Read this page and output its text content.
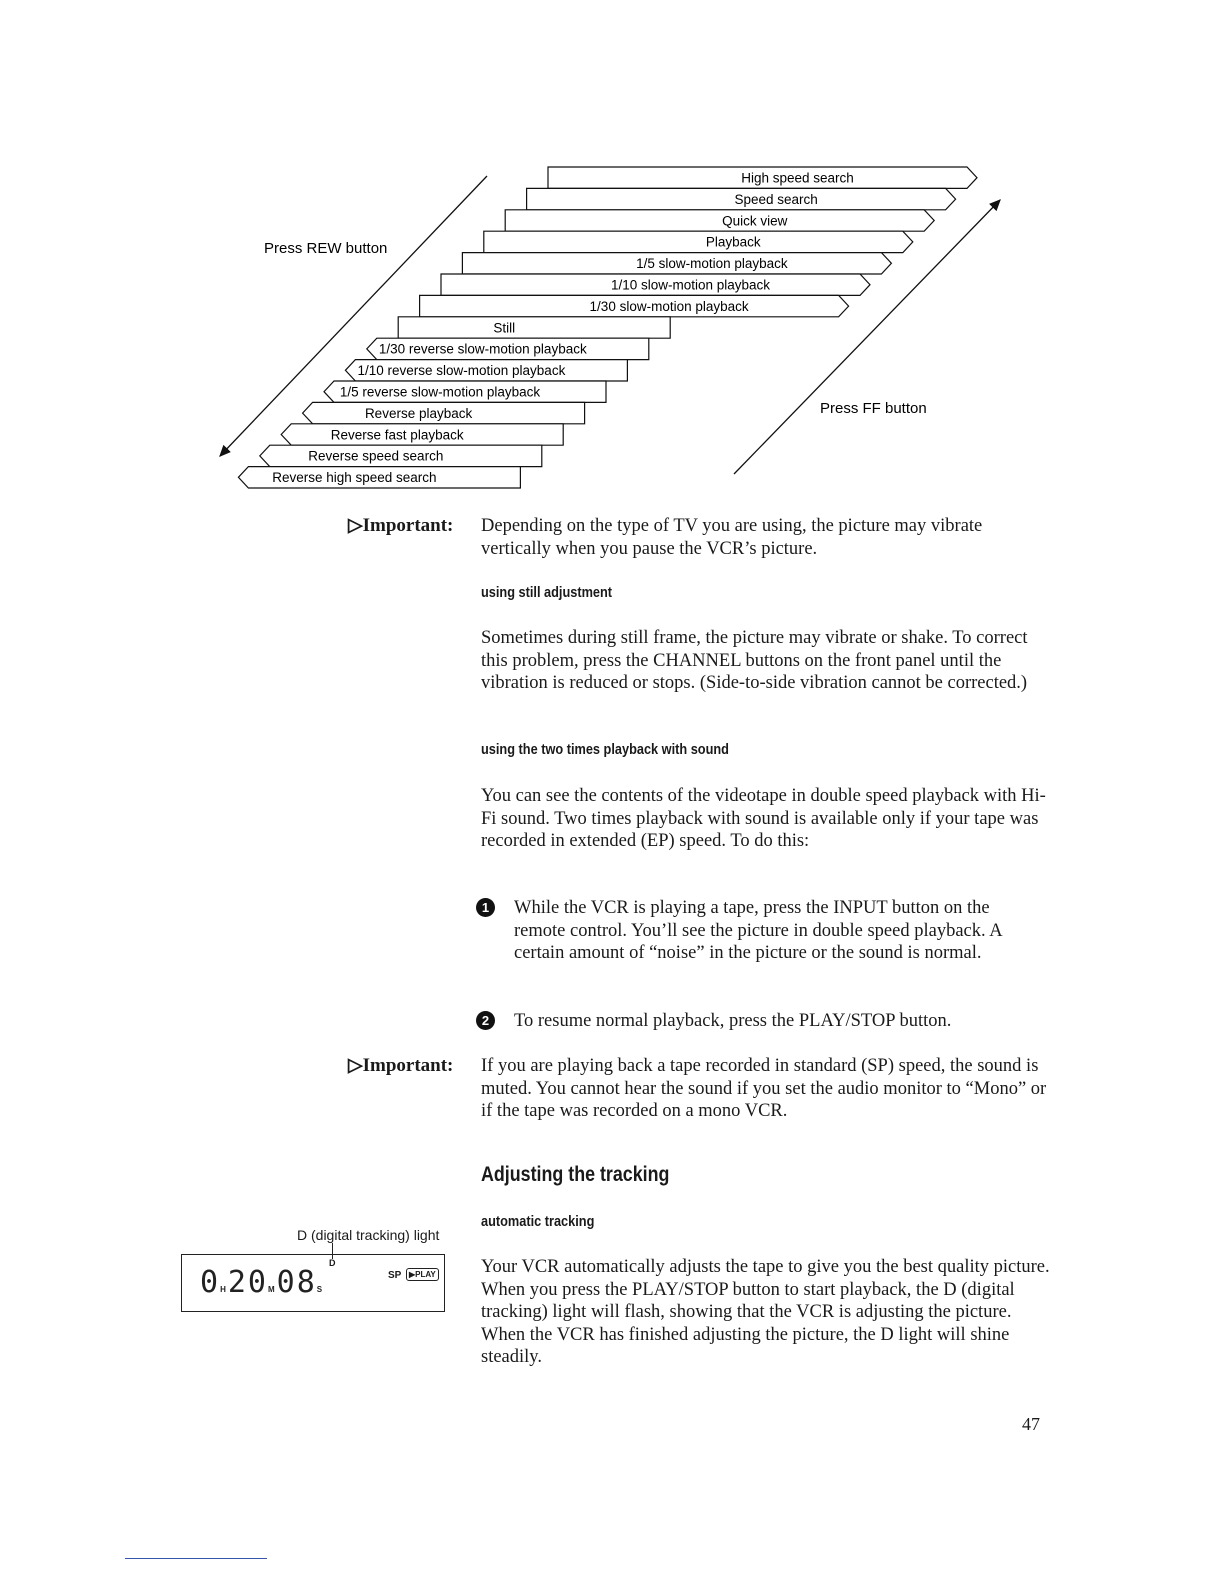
Press REW button
Press FF button
High speed search
Speed search
Quick view
Playback
1/5 slow-motion playback
1/10 slow-motion playback
1/30 slow-motion playback
Still
1/30 reverse slow-motion playback
1/10 reverse slow-motion playback
1/5 reverse slow-motion playback
Reverse playback
Reverse fast playback
Reverse speed search
Reverse high speed search
▷Important: Depending on the type of TV you are using, the picture may vibrate vertically when you pause the VCR’s picture.
using still adjustment
Sometimes during still frame, the picture may vibrate or shake. To correct this problem, press the CHANNEL buttons on the front panel until the vibration is reduced or stops. (Side-to-side vibration cannot be corrected.)
using the two times playback with sound
You can see the contents of the videotape in double speed playback with Hi-Fi sound. Two times playback with sound is available only if your tape was recorded in extended (EP) speed. To do this:
1	While the VCR is playing a tape, press the INPUT button on the remote control. You’ll see the picture in double speed playback. A certain amount of “noise” in the picture or the sound is normal.
2	To resume normal playback, press the PLAY/STOP button.
▷Important: If you are playing back a tape recorded in standard (SP) speed, the sound is muted. You cannot hear the sound if you set the audio monitor to “Mono” or if the tape was recorded on a mono VCR.
Adjusting the tracking
automatic tracking
Your VCR automatically adjusts the tape to give you the best quality picture. When you press the PLAY/STOP button to start playback, the D (digital tracking) light will flash, showing that the VCR is adjusting the picture. When the VCR has finished adjusting the picture, the D light will shine steadily.
D (digital tracking) light
D
0H20M08S
SP ▶PLAY
47
